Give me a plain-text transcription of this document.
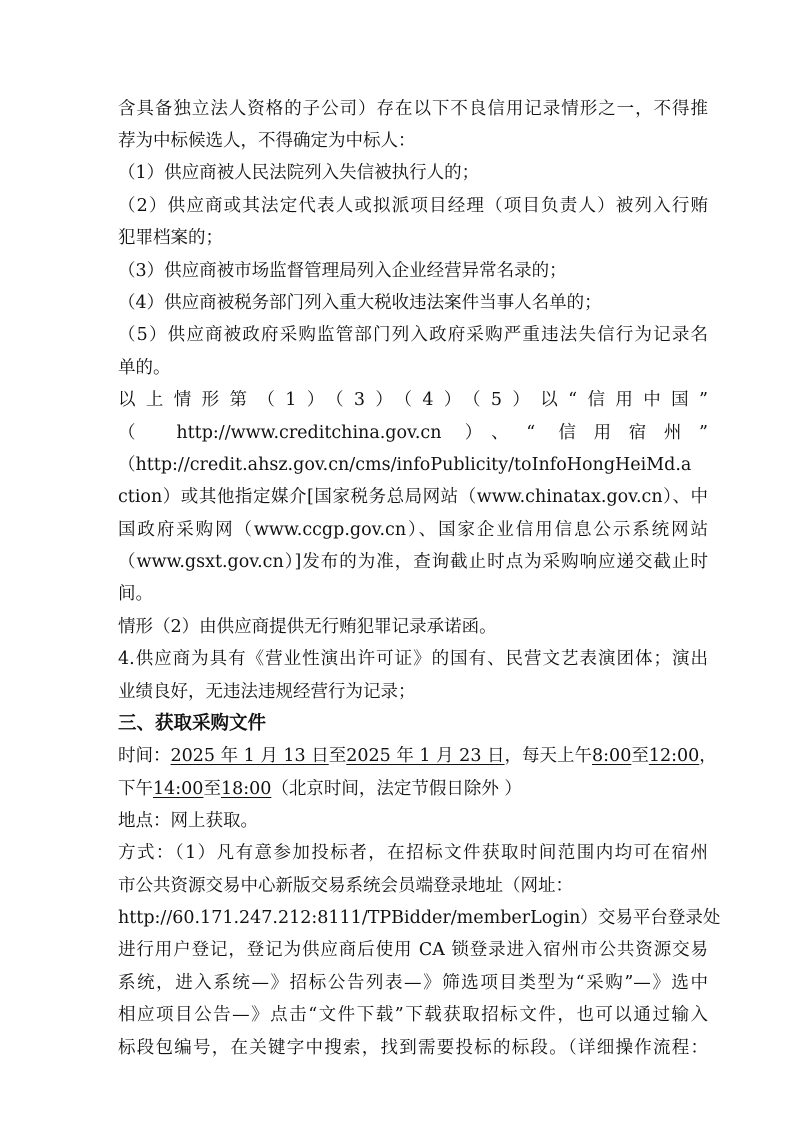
含具备独立法人资格的子公司）存在以下不良信用记录情形之一，不得推
荐为中标候选人，不得确定为中标人：
（1）供应商被人民法院列入失信被执行人的；
（2）供应商或其法定代表人或拟派项目经理（项目负责人）被列入行贿
犯罪档案的；
（3）供应商被市场监督管理局列入企业经营异常名录的；
（4）供应商被税务部门列入重大税收违法案件当事人名单的；
（5）供应商被政府采购监管部门列入政府采购严重违法失信行为记录名
单的。
以上情形第（1）（3）（4）（5）以“信用中国”
（ http://www.creditchina.gov.cn ）、“ 信用宿州”
（http://credit.ahsz.gov.cn/cms/infoPublicity/toInfoHongHeiMd.a
ction）或其他指定媒介[国家税务总局网站（www.chinatax.gov.cn）、中
国政府采购网（www.ccgp.gov.cn）、国家企业信用信息公示系统网站
（www.gsxt.gov.cn）]发布的为准，查询截止时点为采购响应递交截止时
间。
情形（2）由供应商提供无行贿犯罪记录承诺函。
4.供应商为具有《营业性演出许可证》的国有、民营文艺表演团体；演出
业绩良好，无违法违规经营行为记录；
三、获取采购文件
时间：2025 年 1 月 13 日至2025 年 1 月 23 日，每天上午8:00至12:00，
下午14:00至18:00（北京时间，法定节假日除外 ）
地点：网上获取。
方式：（1）凡有意参加投标者，在招标文件获取时间范围内均可在宿州
市公共资源交易中心新版交易系统会员端登录地址（网址：
http://60.171.247.212:8111/TPBidder/memberLogin）交易平台登录处
进行用户登记，登记为供应商后使用 CA 锁登录进入宿州市公共资源交易
系统，进入系统—》招标公告列表—》筛选项目类型为“采购”—》选中
相应项目公告—》点击“文件下载”下载获取招标文件，也可以通过输入
标段包编号，在关键字中搜索，找到需要投标的标段。（详细操作流程：
